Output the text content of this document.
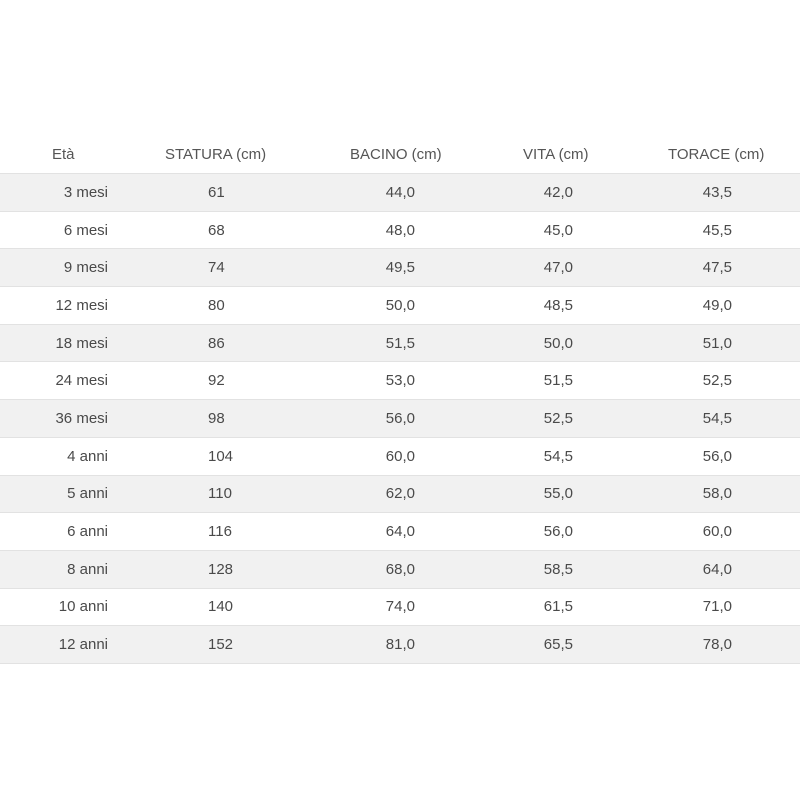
Età	STATURA (cm)	BACINO (cm)	VITA (cm)	TORACE (cm)
3 mesi	61	44,0	42,0	43,5
6 mesi	68	48,0	45,0	45,5
9 mesi	74	49,5	47,0	47,5
12 mesi	80	50,0	48,5	49,0
18 mesi	86	51,5	50,0	51,0
24 mesi	92	53,0	51,5	52,5
36 mesi	98	56,0	52,5	54,5
4 anni	104	60,0	54,5	56,0
5 anni	110	62,0	55,0	58,0
6 anni	116	64,0	56,0	60,0
8 anni	128	68,0	58,5	64,0
10 anni	140	74,0	61,5	71,0
12 anni	152	81,0	65,5	78,0
